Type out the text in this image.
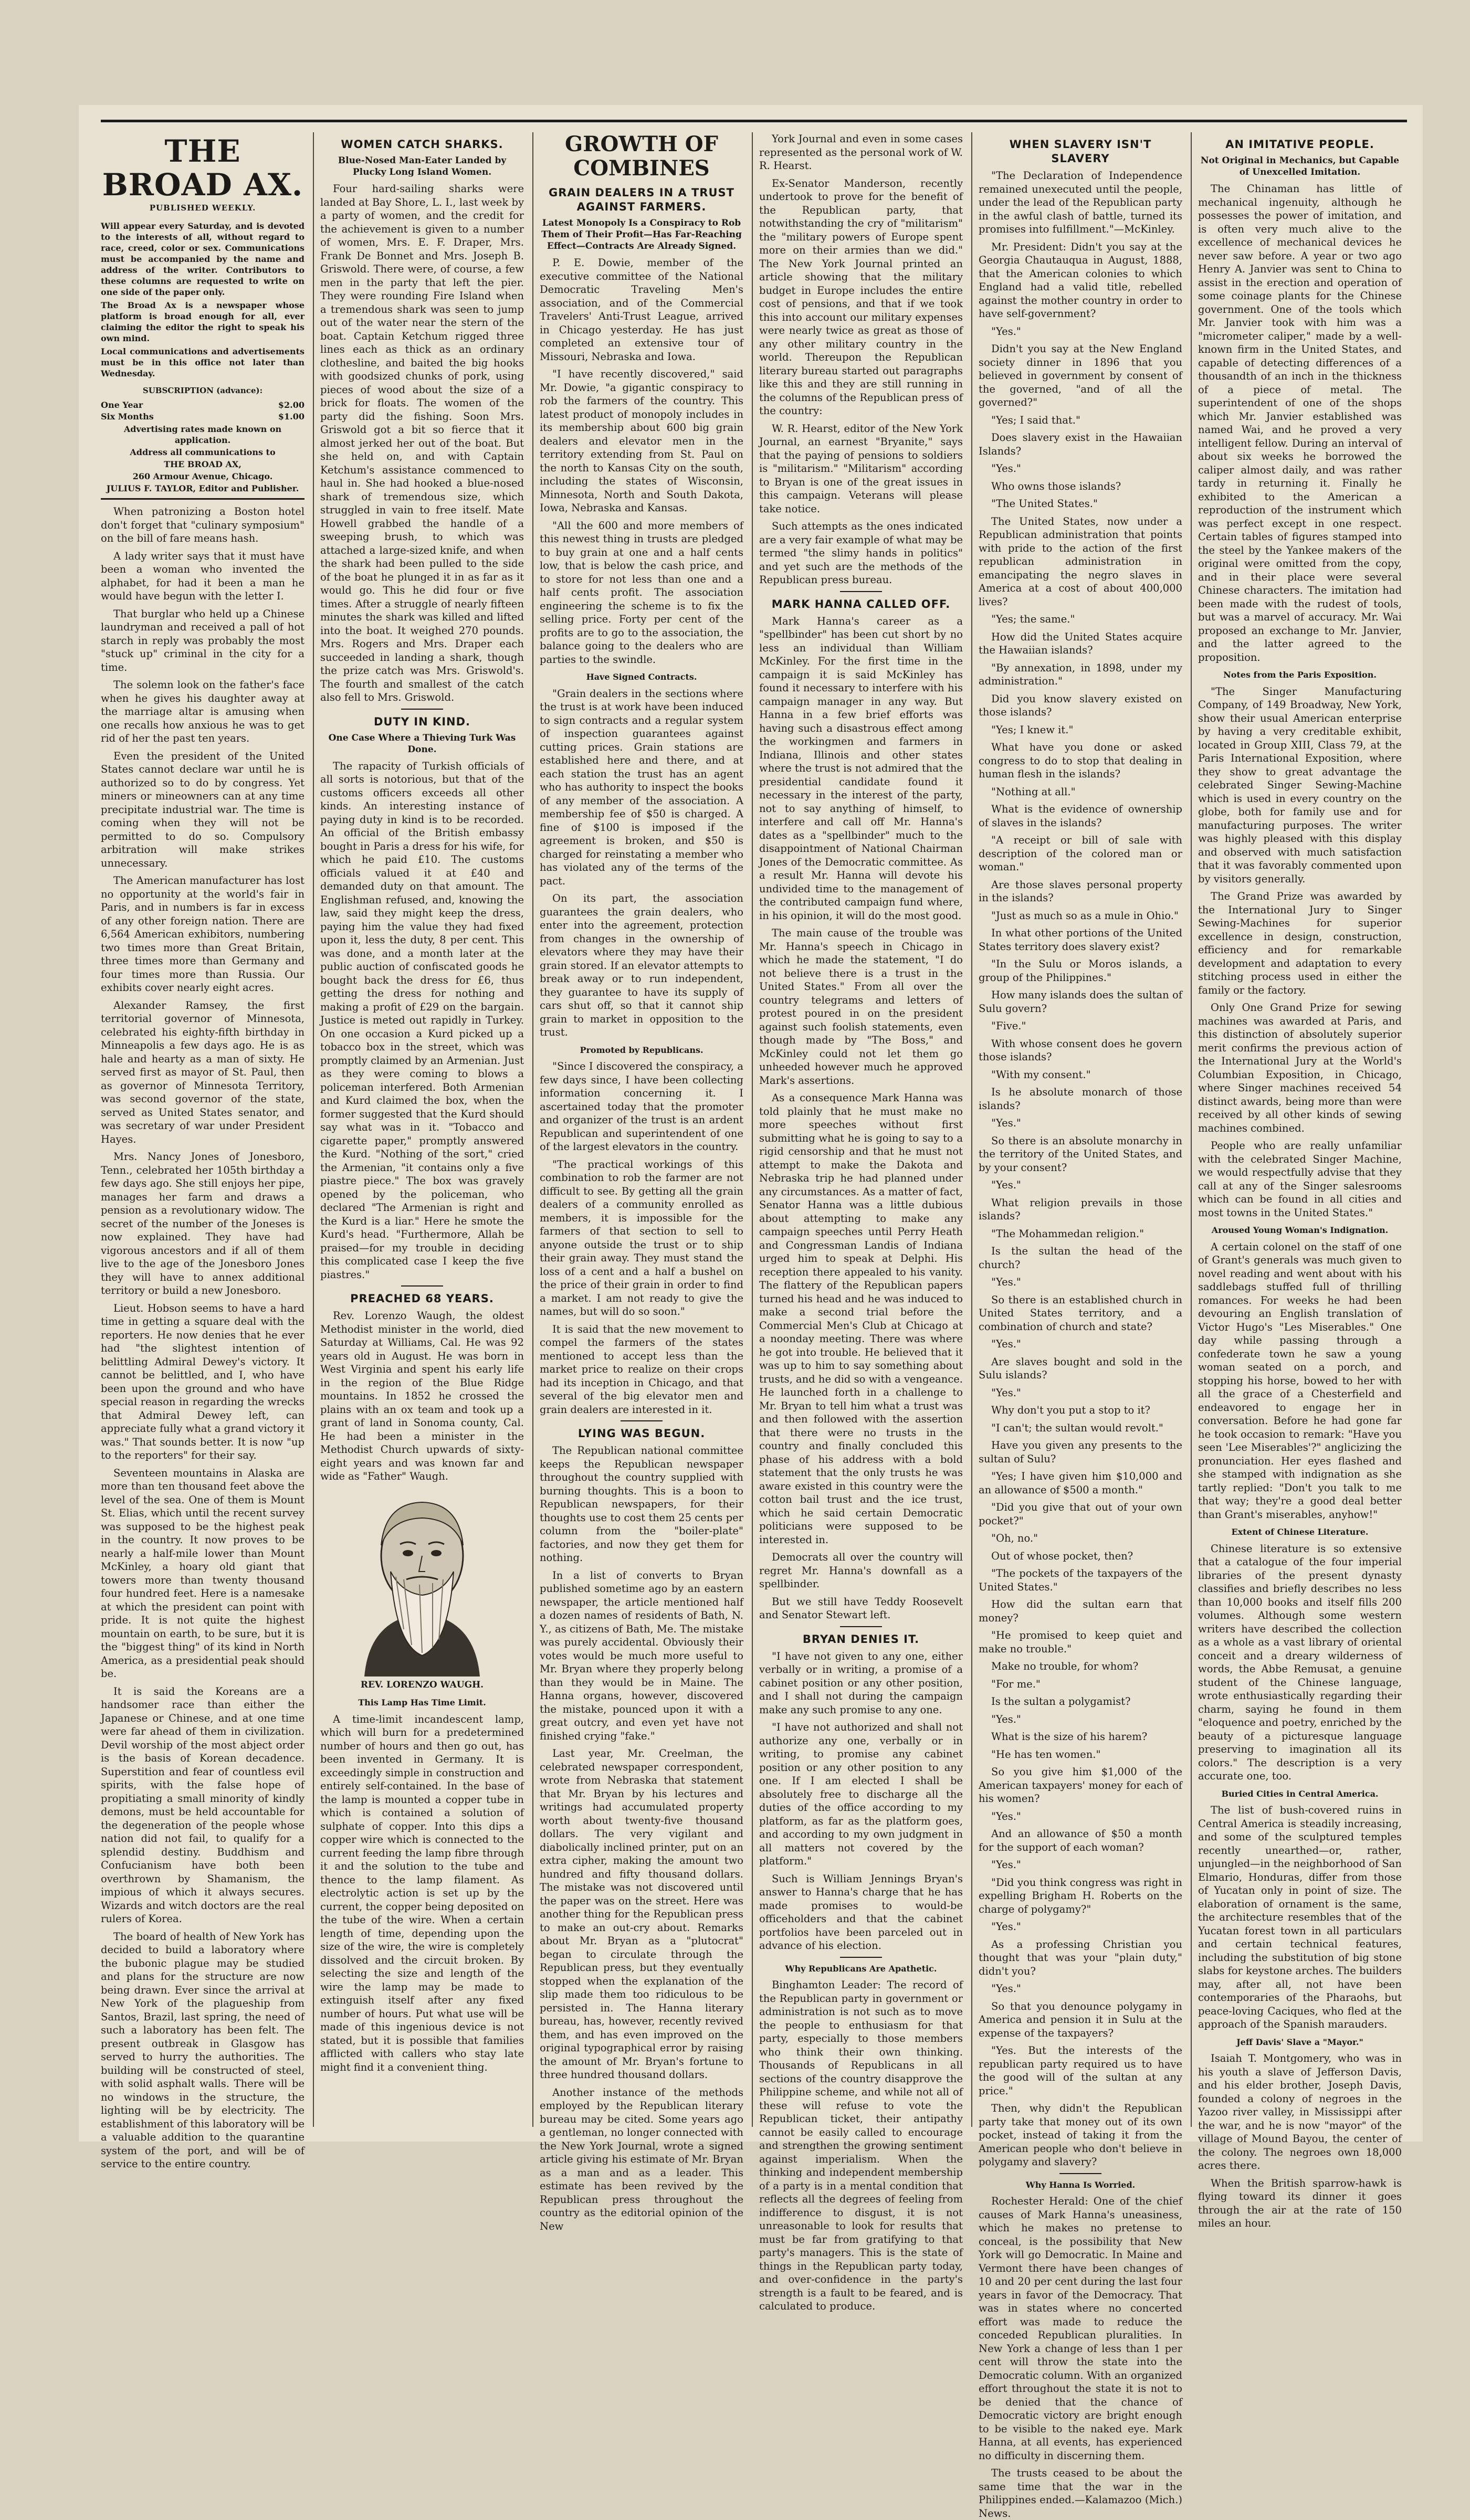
THE BROAD AX.
PUBLISHED WEEKLY.
Will appear every Saturday, and is devoted to the interests of all, without regard to race, creed, color or sex. Communications must be accompanied by the name and address of the writer. Contributors to these columns are requested to write on one side of the paper only.
The Broad Ax is a newspaper whose platform is broad enough for all, ever claiming the editor the right to speak his own mind.
Local communications and advertisements must be in this office not later than Wednesday.
SUBSCRIPTION (advance):
One Year	$2.00
Six Months	$1.00
Advertising rates made known on application.
Address all communications to
THE BROAD AX,
260 Armour Avenue, Chicago.
JULIUS F. TAYLOR, Editor and Publisher.

When patronizing a Boston hotel don't forget that "culinary symposium" on the bill of fare means hash.

A lady writer says that it must have been a woman who invented the alphabet, for had it been a man he would have begun with the letter I.

That burglar who held up a Chinese laundryman and received a pall of hot starch in reply was probably the most "stuck up" criminal in the city for a time.

The solemn look on the father's face when he gives his daughter away at the marriage altar is amusing when one recalls how anxious he was to get rid of her the past ten years.

Even the president of the United States cannot declare war until he is authorized so to do by congress. Yet miners or mineowners can at any time precipitate industrial war. The time is coming when they will not be permitted to do so. Compulsory arbitration will make strikes unnecessary.

The American manufacturer has lost no opportunity at the world's fair in Paris, and in numbers is far in excess of any other foreign nation. There are 6,564 American exhibitors, numbering two times more than Great Britain, three times more than Germany and four times more than Russia. Our exhibits cover nearly eight acres.

Alexander Ramsey, the first territorial governor of Minnesota, celebrated his eighty-fifth birthday in Minneapolis a few days ago. He is as hale and hearty as a man of sixty. He served first as mayor of St. Paul, then as governor of Minnesota Territory, was second governor of the state, served as United States senator, and was secretary of war under President Hayes.

Mrs. Nancy Jones of Jonesboro, Tenn., celebrated her 105th birthday a few days ago. She still enjoys her pipe, manages her farm and draws a pension as a revolutionary widow. The secret of the number of the Joneses is now explained. They have had vigorous ancestors and if all of them live to the age of the Jonesboro Jones they will have to annex additional territory or build a new Jonesboro.

Lieut. Hobson seems to have a hard time in getting a square deal with the reporters. He now denies that he ever had "the slightest intention of belittling Admiral Dewey's victory. It cannot be belittled, and I, who have been upon the ground and who have special reason in regarding the wrecks that Admiral Dewey left, can appreciate fully what a grand victory it was." That sounds better. It is now "up to the reporters" for their say.

Seventeen mountains in Alaska are more than ten thousand feet above the level of the sea. One of them is Mount St. Elias, which until the recent survey was supposed to be the highest peak in the country. It now proves to be nearly a half-mile lower than Mount McKinley, a hoary old giant that towers more than twenty thousand four hundred feet. Here is a namesake at which the president can point with pride. It is not quite the highest mountain on earth, to be sure, but it is the "biggest thing" of its kind in North America, as a presidential peak should be.

It is said the Koreans are a handsomer race than either the Japanese or Chinese, and at one time were far ahead of them in civilization. Devil worship of the most abject order is the basis of Korean decadence. Superstition and fear of countless evil spirits, with the false hope of propitiating a small minority of kindly demons, must be held accountable for the degeneration of the people whose nation did not fail, to qualify for a splendid destiny. Buddhism and Confucianism have both been overthrown by Shamanism, the impious of which it always secures. Wizards and witch doctors are the real rulers of Korea.

The board of health of New York has decided to build a laboratory where the bubonic plague may be studied and plans for the structure are now being drawn. Ever since the arrival at New York of the plagueship from Santos, Brazil, last spring, the need of such a laboratory has been felt. The present outbreak in Glasgow has served to hurry the authorities. The building will be constructed of steel, with solid asphalt walls. There will be no windows in the structure, the lighting will be by electricity. The establishment of this laboratory will be a valuable addition to the quarantine system of the port, and will be of service to the entire country.

WOMEN CATCH SHARKS.
Blue-Nosed Man-Eater Landed by Plucky Long Island Women.

Four hard-sailing sharks were landed at Bay Shore, L. I., last week by a party of women, and the credit for the achievement is given to a number of women, Mrs. E. F. Draper, Mrs. Frank De Bonnet and Mrs. Joseph B. Griswold. There were, of course, a few men in the party that left the pier. They were rounding Fire Island when a tremendous shark was seen to jump out of the water near the stern of the boat. Captain Ketchum rigged three lines each as thick as an ordinary clothesline, and baited the big hooks with goodsized chunks of pork, using pieces of wood about the size of a brick for floats. The women of the party did the fishing. Soon Mrs. Griswold got a bit so fierce that it almost jerked her out of the boat. But she held on, and with Captain Ketchum's assistance commenced to haul in. She had hooked a blue-nosed shark of tremendous size, which struggled in vain to free itself. Mate Howell grabbed the handle of a sweeping brush, to which was attached a large-sized knife, and when the shark had been pulled to the side of the boat he plunged it in as far as it would go. This he did four or five times. After a struggle of nearly fifteen minutes the shark was killed and lifted into the boat. It weighed 270 pounds. Mrs. Rogers and Mrs. Draper each succeeded in landing a shark, though the prize catch was Mrs. Griswold's. The fourth and smallest of the catch also fell to Mrs. Griswold.

DUTY IN KIND.
One Case Where a Thieving Turk Was Done.

The rapacity of Turkish officials of all sorts is notorious, but that of the customs officers exceeds all other kinds. An interesting instance of paying duty in kind is to be recorded. An official of the British embassy bought in Paris a dress for his wife, for which he paid £10. The customs officials valued it at £40 and demanded duty on that amount. The Englishman refused, and, knowing the law, said they might keep the dress, paying him the value they had fixed upon it, less the duty, 8 per cent. This was done, and a month later at the public auction of confiscated goods he bought back the dress for £6, thus getting the dress for nothing and making a profit of £29 on the bargain. Justice is meted out rapidly in Turkey. On one occasion a Kurd picked up a tobacco box in the street, which was promptly claimed by an Armenian. Just as they were coming to blows a policeman interfered. Both Armenian and Kurd claimed the box, when the former suggested that the Kurd should say what was in it. "Tobacco and cigarette paper," promptly answered the Kurd. "Nothing of the sort," cried the Armenian, "it contains only a five piastre piece." The box was gravely opened by the policeman, who declared "The Armenian is right and the Kurd is a liar." Here he smote the Kurd's head. "Furthermore, Allah be praised—for my trouble in deciding this complicated case I keep the five piastres."

PREACHED 68 YEARS.

Rev. Lorenzo Waugh, the oldest Methodist minister in the world, died Saturday at Williams, Cal. He was 92 years old in August. He was born in West Virginia and spent his early life in the region of the Blue Ridge mountains. In 1852 he crossed the plains with an ox team and took up a grant of land in Sonoma county, Cal. He had been a minister in the Methodist Church upwards of sixty-eight years and was known far and wide as "Father" Waugh.

REV. LORENZO WAUGH.
This Lamp Has Time Limit.

A time-limit incandescent lamp, which will burn for a predetermined number of hours and then go out, has been invented in Germany. It is exceedingly simple in construction and entirely self-contained. In the base of the lamp is mounted a copper tube in which is contained a solution of sulphate of copper. Into this dips a copper wire which is connected to the current feeding the lamp fibre through it and the solution to the tube and thence to the lamp filament. As electrolytic action is set up by the current, the copper being deposited on the tube of the wire. When a certain length of time, depending upon the size of the wire, the wire is completely dissolved and the circuit broken. By selecting the size and length of the wire the lamp may be made to extinguish itself after any fixed number of hours. Put what use will be made of this ingenious device is not stated, but it is possible that families afflicted with callers who stay late might find it a convenient thing.

GROWTH OF COMBINES
GRAIN DEALERS IN A TRUST AGAINST FARMERS.
Latest Monopoly Is a Conspiracy to Rob Them of Their Profit—Has Far-Reaching Effect—Contracts Are Already Signed.

P. E. Dowie, member of the executive committee of the National Democratic Traveling Men's association, and of the Commercial Travelers' Anti-Trust League, arrived in Chicago yesterday. He has just completed an extensive tour of Missouri, Nebraska and Iowa.

"I have recently discovered," said Mr. Dowie, "a gigantic conspiracy to rob the farmers of the country. This latest product of monopoly includes in its membership about 600 big grain dealers and elevator men in the territory extending from St. Paul on the north to Kansas City on the south, including the states of Wisconsin, Minnesota, North and South Dakota, Iowa, Nebraska and Kansas.

"All the 600 and more members of this newest thing in trusts are pledged to buy grain at one and a half cents low, that is below the cash price, and to store for not less than one and a half cents profit. The association engineering the scheme is to fix the selling price. Forty per cent of the profits are to go to the association, the balance going to the dealers who are parties to the swindle.

Have Signed Contracts.

"Grain dealers in the sections where the trust is at work have been induced to sign contracts and a regular system of inspection guarantees against cutting prices. Grain stations are established here and there, and at each station the trust has an agent who has authority to inspect the books of any member of the association. A membership fee of $50 is charged. A fine of $100 is imposed if the agreement is broken, and $50 is charged for reinstating a member who has violated any of the terms of the pact.

On its part, the association guarantees the grain dealers, who enter into the agreement, protection from changes in the ownership of elevators where they may have their grain stored. If an elevator attempts to break away or to run independent, they guarantee to have its supply of cars shut off, so that it cannot ship grain to market in opposition to the trust.

Promoted by Republicans.

"Since I discovered the conspiracy, a few days since, I have been collecting information concerning it. I ascertained today that the promoter and organizer of the trust is an ardent Republican and superintendent of one of the largest elevators in the country.

"The practical workings of this combination to rob the farmer are not difficult to see. By getting all the grain dealers of a community enrolled as members, it is impossible for the farmers of that section to sell to anyone outside the trust or to ship their grain away. They must stand the loss of a cent and a half a bushel on the price of their grain in order to find a market. I am not ready to give the names, but will do so soon."

It is said that the new movement to compel the farmers of the states mentioned to accept less than the market price to realize on their crops had its inception in Chicago, and that several of the big elevator men and grain dealers are interested in it.

LYING WAS BEGUN.

The Republican national committee keeps the Republican newspaper throughout the country supplied with burning thoughts. This is a boon to Republican newspapers, for their thoughts use to cost them 25 cents per column from the "boiler-plate" factories, and now they get them for nothing.

In a list of converts to Bryan published sometime ago by an eastern newspaper, the article mentioned half a dozen names of residents of Bath, N. Y., as citizens of Bath, Me. The mistake was purely accidental. Obviously their votes would be much more useful to Mr. Bryan where they properly belong than they would be in Maine. The Hanna organs, however, discovered the mistake, pounced upon it with a great outcry, and even yet have not finished crying "fake."

Last year, Mr. Creelman, the celebrated newspaper correspondent, wrote from Nebraska that statement that Mr. Bryan by his lectures and writings had accumulated property worth about twenty-five thousand dollars. The very vigilant and diabolically inclined printer, put on an extra cipher, making the amount two hundred and fifty thousand dollars. The mistake was not discovered until the paper was on the street. Here was another thing for the Republican press to make an out-cry about. Remarks about Mr. Bryan as a "plutocrat" began to circulate through the Republican press, but they eventually stopped when the explanation of the slip made them too ridiculous to be persisted in. The Hanna literary bureau, has, however, recently revived them, and has even improved on the original typographical error by raising the amount of Mr. Bryan's fortune to three hundred thousand dollars.

Another instance of the methods employed by the Republican literary bureau may be cited. Some years ago a gentleman, no longer connected with the New York Journal, wrote a signed article giving his estimate of Mr. Bryan as a man and as a leader. This estimate has been revived by the Republican press throughout the country as the editorial opinion of the New

York Journal and even in some cases represented as the personal work of W. R. Hearst.

Ex-Senator Manderson, recently undertook to prove for the benefit of the Republican party, that notwithstanding the cry of "militarism" the "military powers of Europe spent more on their armies than we did." The New York Journal printed an article showing that the military budget in Europe includes the entire cost of pensions, and that if we took this into account our military expenses were nearly twice as great as those of any other military country in the world. Thereupon the Republican literary bureau started out paragraphs like this and they are still running in the columns of the Republican press of the country:

W. R. Hearst, editor of the New York Journal, an earnest "Bryanite," says that the paying of pensions to soldiers is "militarism." "Militarism" according to Bryan is one of the great issues in this campaign. Veterans will please take notice.

Such attempts as the ones indicated are a very fair example of what may be termed "the slimy hands in politics" and yet such are the methods of the Republican press bureau.

MARK HANNA CALLED OFF.

Mark Hanna's career as a "spellbinder" has been cut short by no less an individual than William McKinley. For the first time in the campaign it is said McKinley has found it necessary to interfere with his campaign manager in any way. But Hanna in a few brief efforts was having such a disastrous effect among the workingmen and farmers in Indiana, Illinois and other states where the trust is not admired that the presidential candidate found it necessary in the interest of the party, not to say anything of himself, to interfere and call off Mr. Hanna's dates as a "spellbinder" much to the disappointment of National Chairman Jones of the Democratic committee. As a result Mr. Hanna will devote his undivided time to the management of the contributed campaign fund where, in his opinion, it will do the most good.

The main cause of the trouble was Mr. Hanna's speech in Chicago in which he made the statement, "I do not believe there is a trust in the United States." From all over the country telegrams and letters of protest poured in on the president against such foolish statements, even though made by "The Boss," and McKinley could not let them go unheeded however much he approved Mark's assertions.

As a consequence Mark Hanna was told plainly that he must make no more speeches without first submitting what he is going to say to a rigid censorship and that he must not attempt to make the Dakota and Nebraska trip he had planned under any circumstances. As a matter of fact, Senator Hanna was a little dubious about attempting to make any campaign speeches until Perry Heath and Congressman Landis of Indiana urged him to speak at Delphi. His reception there appealed to his vanity. The flattery of the Republican papers turned his head and he was induced to make a second trial before the Commercial Men's Club at Chicago at a noonday meeting. There was where he got into trouble. He believed that it was up to him to say something about trusts, and he did so with a vengeance. He launched forth in a challenge to Mr. Bryan to tell him what a trust was and then followed with the assertion that there were no trusts in the country and finally concluded this phase of his address with a bold statement that the only trusts he was aware existed in this country were the cotton bail trust and the ice trust, which he said certain Democratic politicians were supposed to be interested in.

Democrats all over the country will regret Mr. Hanna's downfall as a spellbinder.

But we still have Teddy Roosevelt and Senator Stewart left.

BRYAN DENIES IT.

"I have not given to any one, either verbally or in writing, a promise of a cabinet position or any other position, and I shall not during the campaign make any such promise to any one.

"I have not authorized and shall not authorize any one, verbally or in writing, to promise any cabinet position or any other position to any one. If I am elected I shall be absolutely free to discharge all the duties of the office according to my platform, as far as the platform goes, and according to my own judgment in all matters not covered by the platform."

Such is William Jennings Bryan's answer to Hanna's charge that he has made promises to would-be officeholders and that the cabinet portfolios have been parceled out in advance of his election.

Why Republicans Are Apathetic.

Binghamton Leader: The record of the Republican party in government or administration is not such as to move the people to enthusiasm for that party, especially to those members who think their own thinking. Thousands of Republicans in all sections of the country disapprove the Philippine scheme, and while not all of these will refuse to vote the Republican ticket, their antipathy cannot be easily called to encourage and strengthen the growing sentiment against imperialism. When the thinking and independent membership of a party is in a mental condition that reflects all the degrees of feeling from indifference to disgust, it is not unreasonable to look for results that must be far from gratifying to that party's managers. This is the state of things in the Republican party today, and over-confidence in the party's strength is a fault to be feared, and is calculated to produce.

WHEN SLAVERY ISN'T SLAVERY

"The Declaration of Independence remained unexecuted until the people, under the lead of the Republican party in the awful clash of battle, turned its promises into fulfillment."—McKinley.

Mr. President: Didn't you say at the Georgia Chautauqua in August, 1888, that the American colonies to which England had a valid title, rebelled against the mother country in order to have self-government?

"Yes."

Didn't you say at the New England society dinner in 1896 that you believed in government by consent of the governed, "and of all the governed?"

"Yes; I said that."

Does slavery exist in the Hawaiian Islands?

"Yes."

Who owns those islands?

"The United States."

The United States, now under a Republican administration that points with pride to the action of the first republican administration in emancipating the negro slaves in America at a cost of about 400,000 lives?

"Yes; the same."

How did the United States acquire the Hawaiian islands?

"By annexation, in 1898, under my administration."

Did you know slavery existed on those islands?

"Yes; I knew it."

What have you done or asked congress to do to stop that dealing in human flesh in the islands?

"Nothing at all."

What is the evidence of ownership of slaves in the islands?

"A receipt or bill of sale with description of the colored man or woman."

Are those slaves personal property in the islands?

"Just as much so as a mule in Ohio."

In what other portions of the United States territory does slavery exist?

"In the Sulu or Moros islands, a group of the Philippines."

How many islands does the sultan of Sulu govern?

"Five."

With whose consent does he govern those islands?

"With my consent."

Is he absolute monarch of those islands?

"Yes."

So there is an absolute monarchy in the territory of the United States, and by your consent?

"Yes."

What religion prevails in those islands?

"The Mohammedan religion."

Is the sultan the head of the church?

"Yes."

So there is an established church in United States territory, and a combination of church and state?

"Yes."

Are slaves bought and sold in the Sulu islands?

"Yes."

Why don't you put a stop to it?

"I can't; the sultan would revolt."

Have you given any presents to the sultan of Sulu?

"Yes; I have given him $10,000 and an allowance of $500 a month."

"Did you give that out of your own pocket?"

"Oh, no."

Out of whose pocket, then?

"The pockets of the taxpayers of the United States."

How did the sultan earn that money?

"He promised to keep quiet and make no trouble."

Make no trouble, for whom?

"For me."

Is the sultan a polygamist?

"Yes."

What is the size of his harem?

"He has ten women."

So you give him $1,000 of the American taxpayers' money for each of his women?

"Yes."

And an allowance of $50 a month for the support of each woman?

"Yes."

"Did you think congress was right in expelling Brigham H. Roberts on the charge of polygamy?"

"Yes."

As a professing Christian you thought that was your "plain duty," didn't you?

"Yes."

So that you denounce polygamy in America and pension it in Sulu at the expense of the taxpayers?

"Yes. But the interests of the republican party required us to have the good will of the sultan at any price."

Then, why didn't the Republican party take that money out of its own pocket, instead of taking it from the American people who don't believe in polygamy and slavery?

Why Hanna Is Worried.

Rochester Herald: One of the chief causes of Mark Hanna's uneasiness, which he makes no pretense to conceal, is the possibility that New York will go Democratic. In Maine and Vermont there have been changes of 10 and 20 per cent during the last four years in favor of the Democracy. That was in states where no concerted effort was made to reduce the conceded Republican pluralities. In New York a change of less than 1 per cent will throw the state into the Democratic column. With an organized effort throughout the state it is not to be denied that the chance of Democratic victory are bright enough to be visible to the naked eye. Mark Hanna, at all events, has experienced no difficulty in discerning them.

The trusts ceased to be about the same time that the war in the Philippines ended.—Kalamazoo (Mich.) News.

AN IMITATIVE PEOPLE.
Not Original in Mechanics, but Capable of Unexcelled Imitation.

The Chinaman has little of mechanical ingenuity, although he possesses the power of imitation, and is often very much alive to the excellence of mechanical devices he never saw before. A year or two ago Henry A. Janvier was sent to China to assist in the erection and operation of some coinage plants for the Chinese government. One of the tools which Mr. Janvier took with him was a "micrometer caliper," made by a well-known firm in the United States, and capable of detecting differences of a thousandth of an inch in the thickness of a piece of metal. The superintendent of one of the shops which Mr. Janvier established was named Wai, and he proved a very intelligent fellow. During an interval of about six weeks he borrowed the caliper almost daily, and was rather tardy in returning it. Finally he exhibited to the American a reproduction of the instrument which was perfect except in one respect. Certain tables of figures stamped into the steel by the Yankee makers of the original were omitted from the copy, and in their place were several Chinese characters. The imitation had been made with the rudest of tools, but was a marvel of accuracy. Mr. Wai proposed an exchange to Mr. Janvier, and the latter agreed to the proposition.

Notes from the Paris Exposition.

"The Singer Manufacturing Company, of 149 Broadway, New York, show their usual American enterprise by having a very creditable exhibit, located in Group XIII, Class 79, at the Paris International Exposition, where they show to great advantage the celebrated Singer Sewing-Machine which is used in every country on the globe, both for family use and for manufacturing purposes. The writer was highly pleased with this display and observed with much satisfaction that it was favorably commented upon by visitors generally.

The Grand Prize was awarded by the International Jury to Singer Sewing-Machines for superior excellence in design, construction, efficiency and for remarkable development and adaptation to every stitching process used in either the family or the factory.

Only One Grand Prize for sewing machines was awarded at Paris, and this distinction of absolutely superior merit confirms the previous action of the International Jury at the World's Columbian Exposition, in Chicago, where Singer machines received 54 distinct awards, being more than were received by all other kinds of sewing machines combined.

People who are really unfamiliar with the celebrated Singer Machine, we would respectfully advise that they call at any of the Singer salesrooms which can be found in all cities and most towns in the United States."

Aroused Young Woman's Indignation.

A certain colonel on the staff of one of Grant's generals was much given to novel reading and went about with his saddlebags stuffed full of thrilling romances. For weeks he had been devouring an English translation of Victor Hugo's "Les Miserables." One day while passing through a confederate town he saw a young woman seated on a porch, and stopping his horse, bowed to her with all the grace of a Chesterfield and endeavored to engage her in conversation. Before he had gone far he took occasion to remark: "Have you seen 'Lee Miserables'?" anglicizing the pronunciation. Her eyes flashed and she stamped with indignation as she tartly replied: "Don't you talk to me that way; they're a good deal better than Grant's miserables, anyhow!"

Extent of Chinese Literature.

Chinese literature is so extensive that a catalogue of the four imperial libraries of the present dynasty classifies and briefly describes no less than 10,000 books and itself fills 200 volumes. Although some western writers have described the collection as a whole as a vast library of oriental conceit and a dreary wilderness of words, the Abbe Remusat, a genuine student of the Chinese language, wrote enthusiastically regarding their charm, saying he found in them "eloquence and poetry, enriched by the beauty of a picturesque language preserving to imagination all its colors." The description is a very accurate one, too.

Buried Cities in Central America.

The list of bush-covered ruins in Central America is steadily increasing, and some of the sculptured temples recently unearthed—or, rather, unjungled—in the neighborhood of San Elmario, Honduras, differ from those of Yucatan only in point of size. The elaboration of ornament is the same, the architecture resembles that of the Yucatan forest town in all particulars and certain technical features, including the substitution of big stone slabs for keystone arches. The builders may, after all, not have been contemporaries of the Pharaohs, but peace-loving Caciques, who fled at the approach of the Spanish marauders.

Jeff Davis' Slave a "Mayor."

Isaiah T. Montgomery, who was in his youth a slave of Jefferson Davis, and his elder brother, Joseph Davis, founded a colony of negroes in the Yazoo river valley, in Mississippi after the war, and he is now "mayor" of the village of Mound Bayou, the center of the colony. The negroes own 18,000 acres there.

When the British sparrow-hawk is flying toward its dinner it goes through the air at the rate of 150 miles an hour.
